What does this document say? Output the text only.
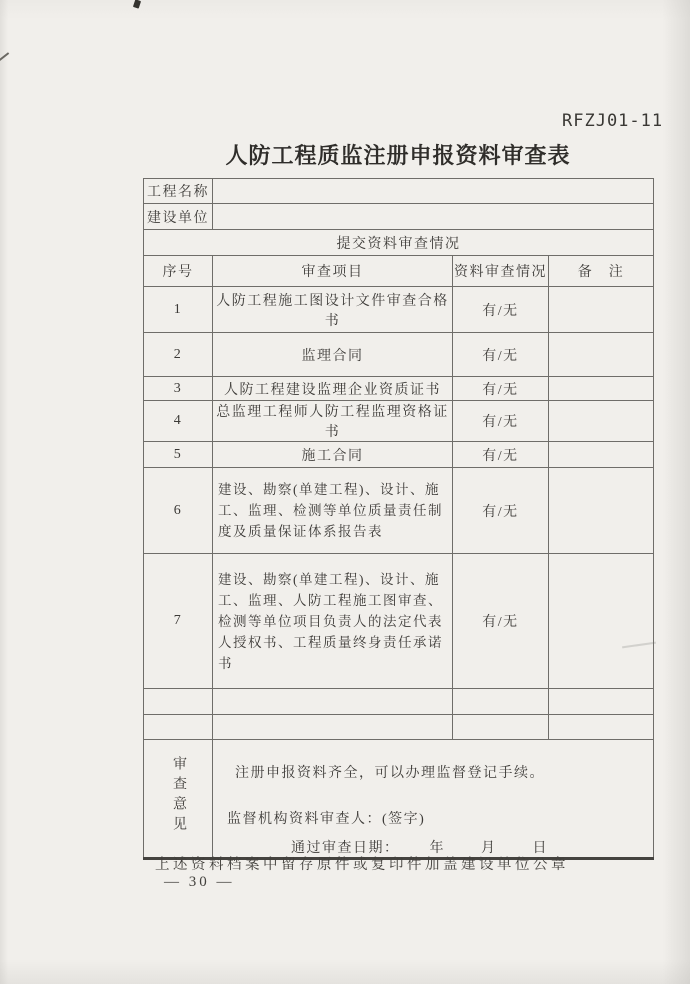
RFZJ01-11
人防工程质监注册申报资料审查表
工程名称			
建设单位			
提交资料审查情况			
序号	审查项目	资料审查情况	备　注
1	人防工程施工图设计文件审查合格书	有/无	
2	监理合同	有/无	
3	人防工程建设监理企业资质证书	有/无	
4	总监理工程师人防工程监理资格证书	有/无	
5	施工合同	有/无	
6	建设、勘察(单建工程)、设计、施工、监理、检测等单位质量责任制度及质量保证体系报告表	有/无	
7	建设、勘察(单建工程)、设计、施工、监理、人防工程施工图审查、检测等单位项目负责人的法定代表人授权书、工程质量终身责任承诺书	有/无	

审查意见	注册申报资料齐全，可以办理监督登记手续。
监督机构资料审查人：(签字)
通过审查日期： 年 月 日		
上述资料档案中留存原件或复印件加盖建设单位公章
— 30 —
